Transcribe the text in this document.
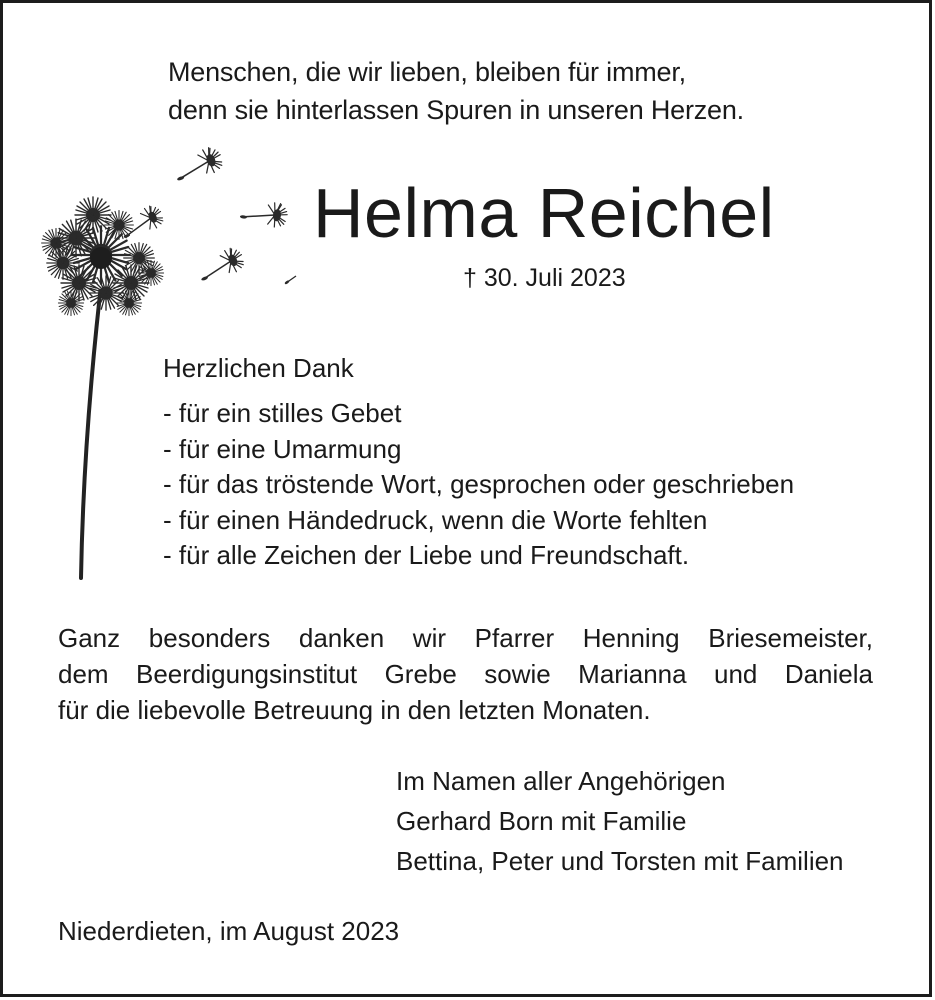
Menschen, die wir lieben, bleiben für immer,
denn sie hinterlassen Spuren in unseren Herzen.
Helma Reichel
† 30. Juli 2023
Herzlichen Dank
- für ein stilles Gebet
- für eine Umarmung
- für das tröstende Wort, gesprochen oder geschrieben
- für einen Händedruck, wenn die Worte fehlten
- für alle Zeichen der Liebe und Freundschaft.
Ganz besonders danken wir Pfarrer Henning Briesemeister,
dem Beerdigungsinstitut Grebe sowie Marianna und Daniela
für die liebevolle Betreuung in den letzten Monaten.
Im Namen aller Angehörigen
Gerhard Born mit Familie
Bettina, Peter und Torsten mit Familien
Niederdieten, im August 2023
